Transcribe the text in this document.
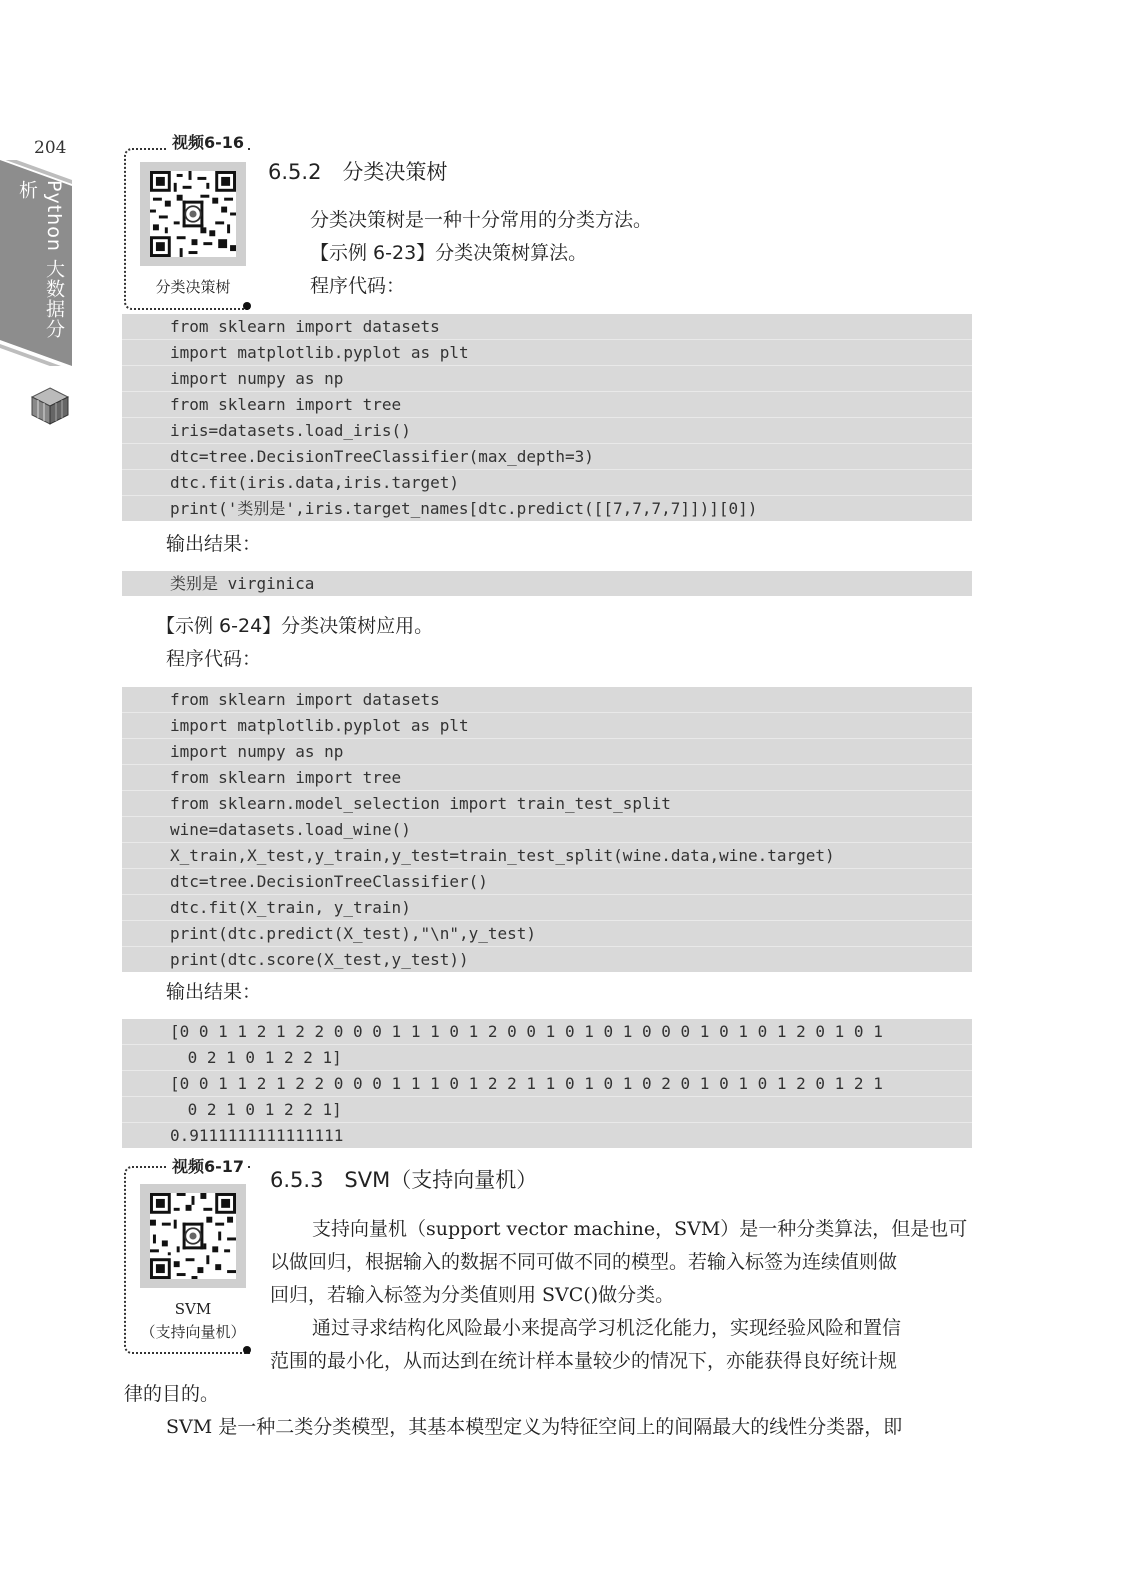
204
Python 大数据分析
视频6-16
分类决策树
6.5.2　分类决策树

分类决策树是一种十分常用的分类方法。

【示例 6-23】分类决策树算法。

程序代码：

from sklearn import datasets
import matplotlib.pyplot as plt
import numpy as np
from sklearn import tree
iris=datasets.load_iris()
dtc=tree.DecisionTreeClassifier(max_depth=3)
dtc.fit(iris.data,iris.target)
print('类别是',iris.target_names[dtc.predict([[7,7,7,7]])][0])

输出结果：

类别是 virginica

【示例 6-24】分类决策树应用。

程序代码：

from sklearn import datasets
import matplotlib.pyplot as plt
import numpy as np
from sklearn import tree
from sklearn.model_selection import train_test_split
wine=datasets.load_wine()
X_train,X_test,y_train,y_test=train_test_split(wine.data,wine.target)
dtc=tree.DecisionTreeClassifier()
dtc.fit(X_train, y_train)
print(dtc.predict(X_test),"\n",y_test)
print(dtc.score(X_test,y_test))

输出结果：

[0 0 1 1 2 1 2 2 0 0 0 1 1 1 0 1 2 0 0 1 0 1 0 1 0 0 0 1 0 1 0 1 2 0 1 0 1
0 2 1 0 1 2 2 1]
[0 0 1 1 2 1 2 2 0 0 0 1 1 1 0 1 2 2 1 1 0 1 0 1 0 2 0 1 0 1 0 1 2 0 1 2 1
0 2 1 0 1 2 2 1]
0.9111111111111111
视频6-17
SVM
（支持向量机）
6.5.3　SVM（支持向量机）

支持向量机（support vector machine，SVM）是一种分类算法，但是也可

以做回归，根据输入的数据不同可做不同的模型。若输入标签为连续值则做

回归，若输入标签为分类值则用 SVC()做分类。

通过寻求结构化风险最小来提高学习机泛化能力，实现经验风险和置信

范围的最小化，从而达到在统计样本量较少的情况下，亦能获得良好统计规

律的目的。

SVM 是一种二类分类模型，其基本模型定义为特征空间上的间隔最大的线性分类器，即
